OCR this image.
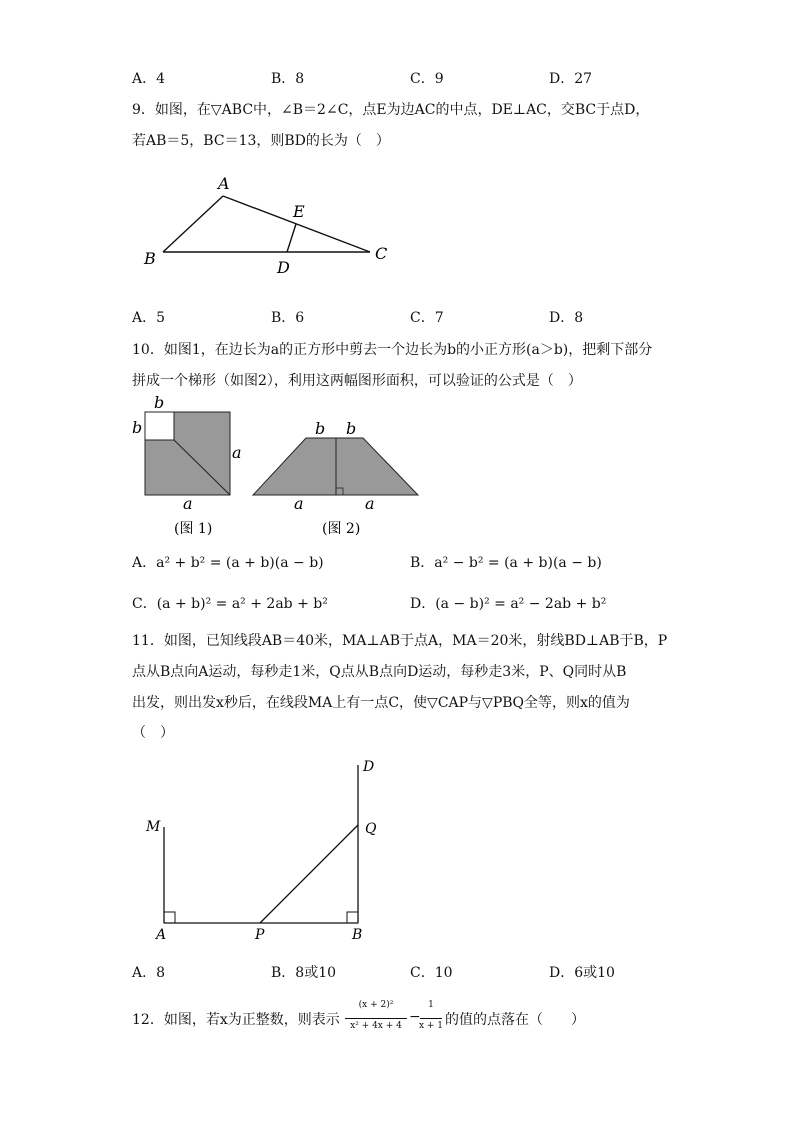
A．4	B．8	C．9	D．27
9．如图，在▽ABC中，∠B＝2∠C，点E为边AC的中点，DE⊥AC，交BC于点D，
若AB＝5，BC＝13，则BD的长为（　）
A
B	C
D
E
A．5	B．6	C．7	D．8
10．如图1，在边长为a的正方形中剪去一个边长为b的小正方形(a＞b)，把剩下部分
拼成一个梯形（如图2），利用这两幅图形面积，可以验证的公式是（　）
b
b
a
a
(图 1)
b b
a	a
(图 2)
A．a² + b² = (a + b)(a − b)	B．a² − b² = (a + b)(a − b)
C．(a + b)² = a² + 2ab + b²	D．(a − b)² = a² − 2ab + b²
11．如图，已知线段AB＝40米，MA⊥AB于点A，MA＝20米，射线BD⊥AB于B，P
点从B点向A运动，每秒走1米，Q点从B点向D运动，每秒走3米，P、Q同时从B
出发，则出发x秒后，在线段MA上有一点C，使▽CAP与▽PBQ全等，则x的值为
（　）
M
A	P	B
Q
D
A．8	B．8或10	C．10	D．6或10
12．如图，若x为正整数，则表示
(x + 2)²
x² + 4x + 4
−
1
x + 1 的值的点落在（　　）
